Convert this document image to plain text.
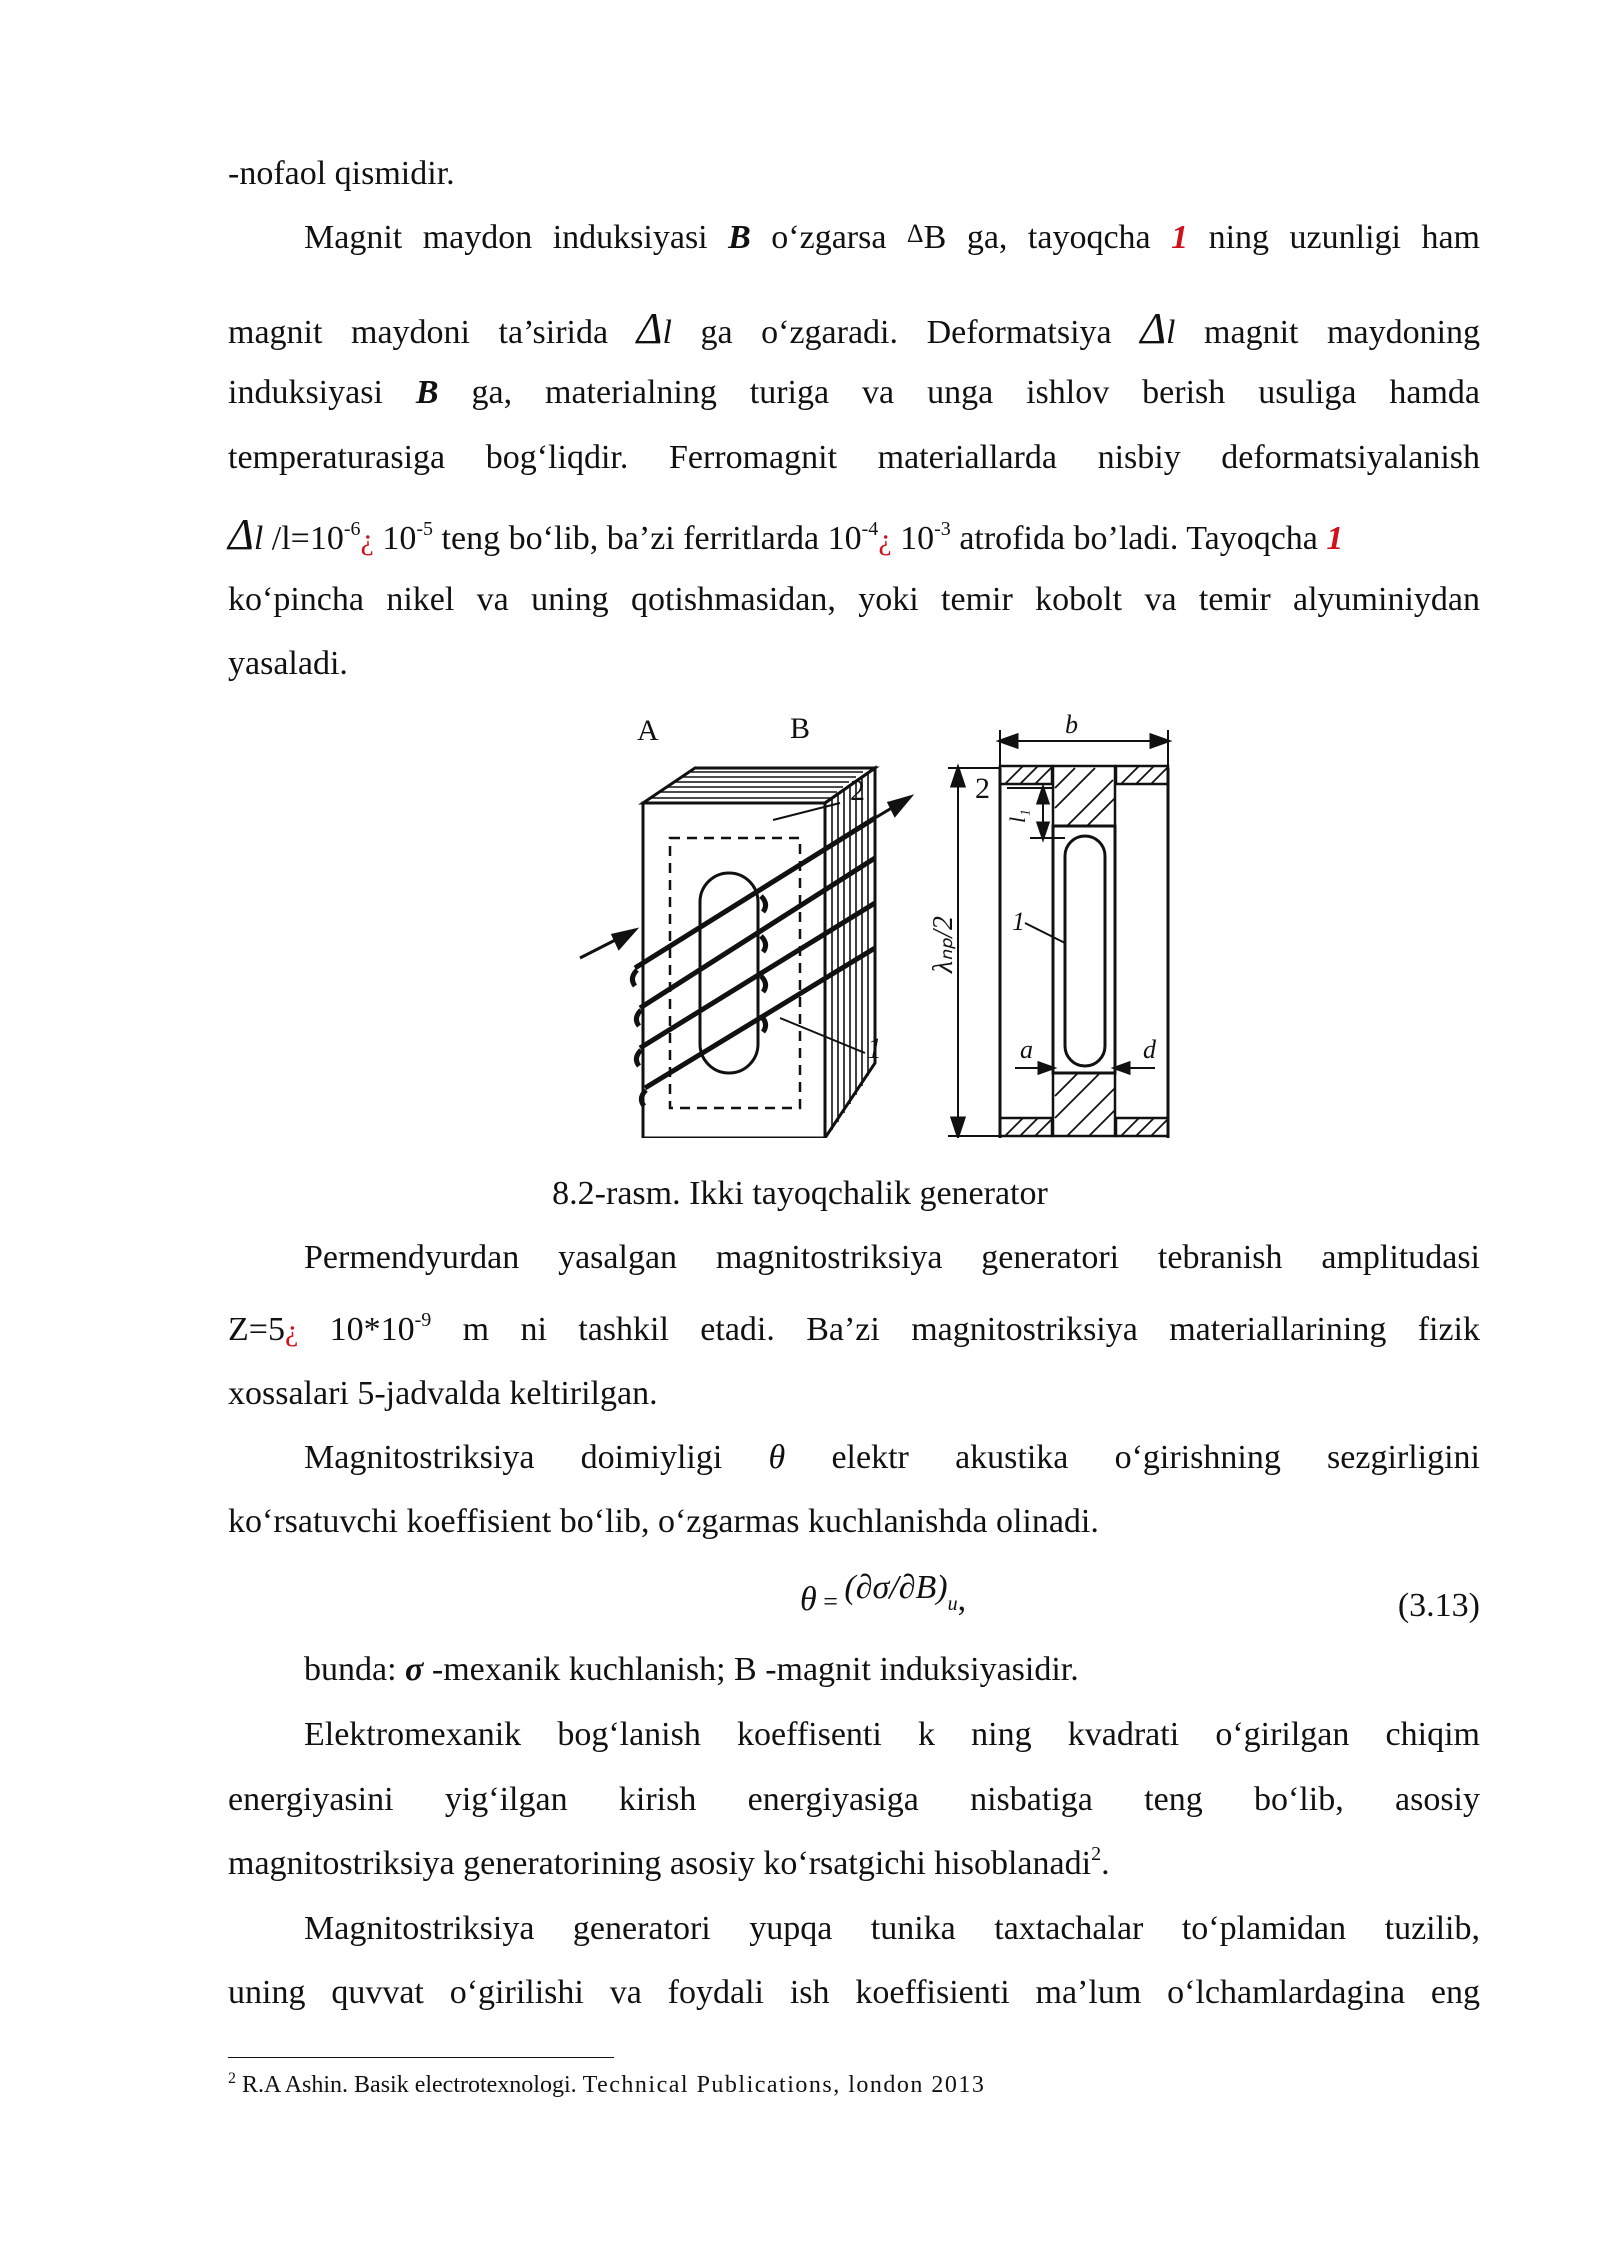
-nofaol qismidir.
Magnit maydon induksiyasi B o‘zgarsa ΔB ga, tayoqcha 1 ning uzunligi ham
magnit maydoni ta’sirida Δl ga o‘zgaradi. Deformatsiya Δl magnit maydoning
induksiyasi B ga, materialning turiga va unga ishlov berish usuliga hamda
temperaturasiga bog‘liqdir. Ferromagnit materiallarda nisbiy deformatsiyalanish
Δl $/l=10^{-6}¿$ $10^{-5}$ teng bo‘lib, ba’zi ferritlarda $10^{-4}¿$ $10^{-3}$ atrofida bo’ladi. Tayoqcha 1
ko‘pincha nikel va uning qotishmasidan, yoki temir kobolt va temir alyuminiydan
yasaladi.
A	B
2
1
b
2
l₁
λₙₚ/2 1
a	d
8.2-rasm. Ikki tayoqchalik generator
Permendyurdan yasalgan magnitostriksiya generatori tebranish amplitudasi
Z=5¿ $10*10^{-9}$ m ni tashkil etadi. Ba’zi magnitostriksiya materiallarining fizik
xossalari 5-jadvalda keltirilgan.
Magnitostriksiya doimiyligi θ elektr akustika o‘girishning sezgirligini
ko‘rsatuvchi koeffisient bo‘lib, o‘zgarmas kuchlanishda olinadi.
θ = (∂σ/∂B)u,	(3.13)
bunda: σ -mexanik kuchlanish; B -magnit induksiyasidir.
Elektromexanik bog‘lanish koeffisenti k ning kvadrati o‘girilgan chiqim
energiyasini yig‘ilgan kirish energiyasiga nisbatiga teng bo‘lib, asosiy
magnitostriksiya generatorining asosiy ko‘rsatgichi hisoblanadi$^2$.
Magnitostriksiya generatori yupqa tunika taxtachalar to‘plamidan tuzilib,
uning quvvat o‘girilishi va foydali ish koeffisienti ma’lum o‘lchamlardagina eng
$^2$ R.A Ashin. Basik electrotexnologi. Technical Publications, london 2013
